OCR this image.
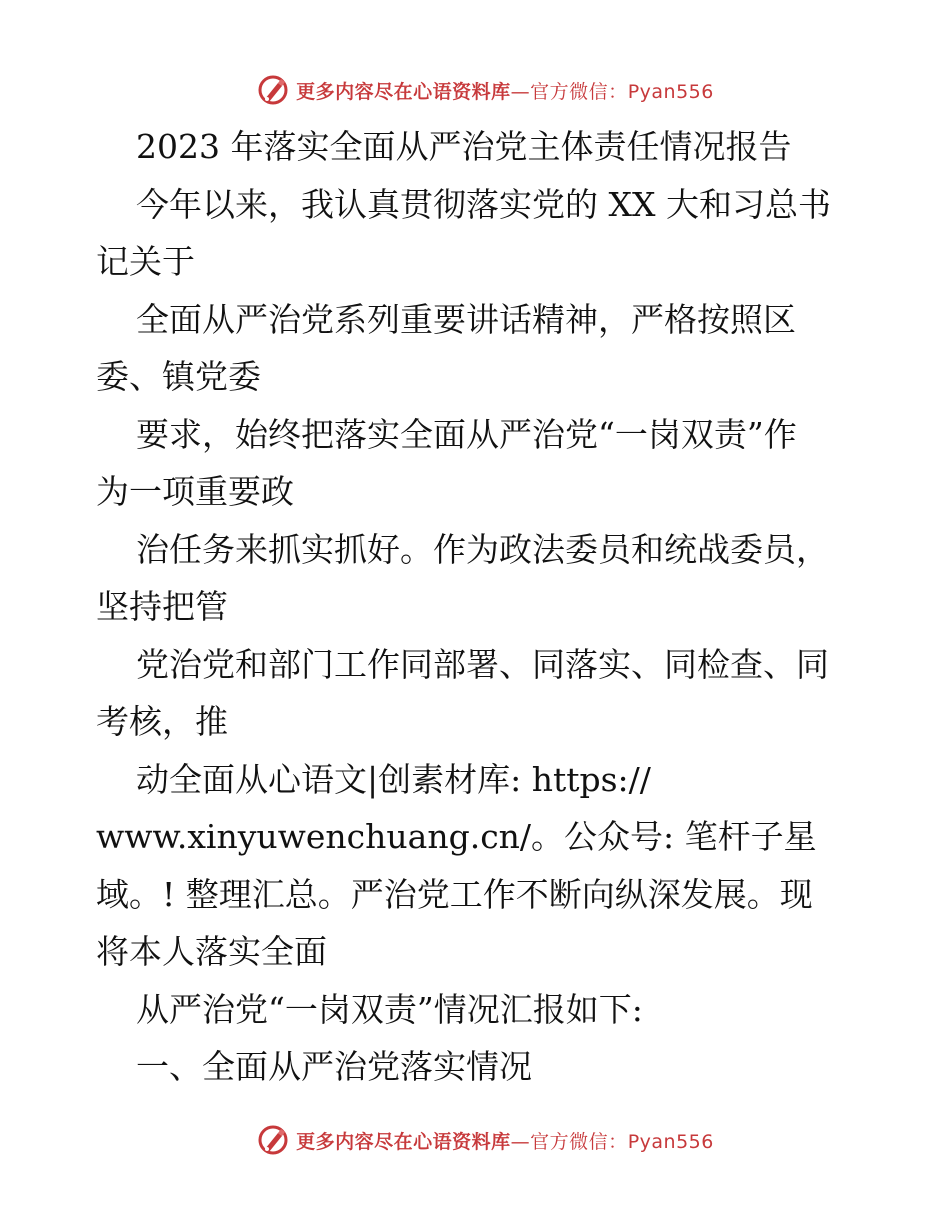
更多内容尽在心语资料库—官方微信：Pyan556
2023 年落实全面从严治党主体责任情况报告
今年以来，我认真贯彻落实党的 XX 大和习总书
记关于
全面从严治党系列重要讲话精神，严格按照区
委、镇党委
要求，始终把落实全面从严治党“一岗双责”作
为一项重要政
治任务来抓实抓好。作为政法委员和统战委员，
坚持把管
党治党和部门工作同部署、同落实、同检查、同
考核，推
动全面从心语文|创素材库: https://
www.xinyuwenchuang.cn/。公众号: 笔杆子星
域。! 整理汇总。严治党工作不断向纵深发展。现
将本人落实全面
从严治党“一岗双责”情况汇报如下:
一、全面从严治党落实情况
更多内容尽在心语资料库—官方微信：Pyan556
